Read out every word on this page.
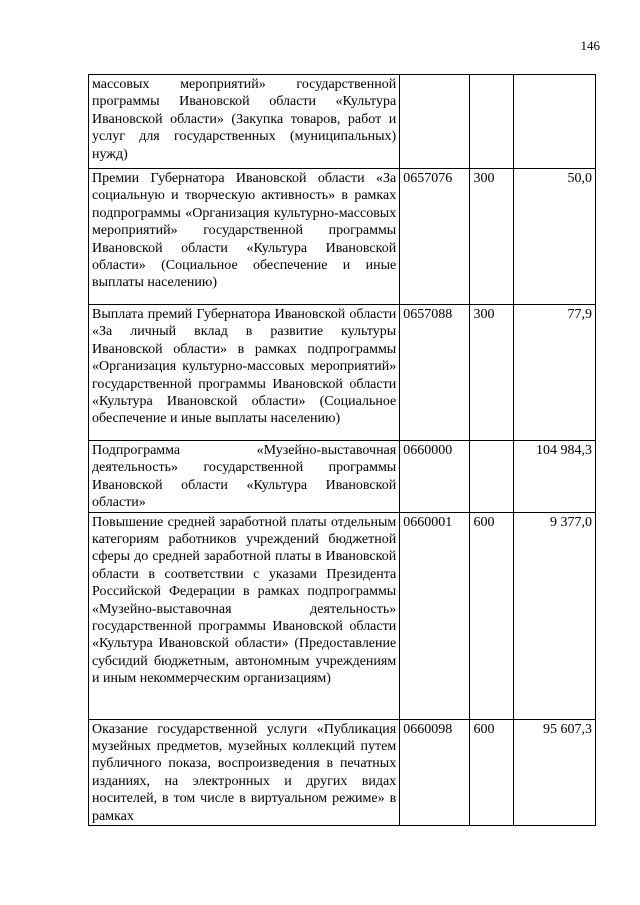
146
массовых мероприятий» государственной программы Ивановской области «Культура Ивановской области» (Закупка товаров, работ и услуг для государственных (муниципальных) нужд)			
Премии Губернатора Ивановской области «За социальную и творческую активность» в рамках подпрограммы «Организация культурно-массовых мероприятий» государственной программы Ивановской области «Культура Ивановской области» (Социальное обеспечение и иные выплаты населению)	0657076	300	50,0
Выплата премий Губернатора Ивановской области «За личный вклад в развитие культуры Ивановской области» в рамках подпрограммы «Организация культурно-массовых мероприятий» государственной программы Ивановской области «Культура Ивановской области» (Социальное обеспечение и иные выплаты населению)	0657088	300	77,9
Подпрограмма «Музейно-выставочная деятельность» государственной программы Ивановской области «Культура Ивановской области»	0660000		104 984,3
Повышение средней заработной платы отдельным категориям работников учреждений бюджетной сферы до средней заработной платы в Ивановской области в соответствии с указами Президента Российской Федерации в рамках подпрограммы «Музейно-выставочная деятельность» государственной программы Ивановской области «Культура Ивановской области» (Предоставление субсидий бюджетным, автономным учреждениям и иным некоммерческим организациям)	0660001	600	9 377,0
Оказание государственной услуги «Публикация музейных предметов, музейных коллекций путем публичного показа, воспроизведения в печатных изданиях, на электронных и других видах носителей, в том числе в виртуальном режиме» в рамках	0660098	600	95 607,3
